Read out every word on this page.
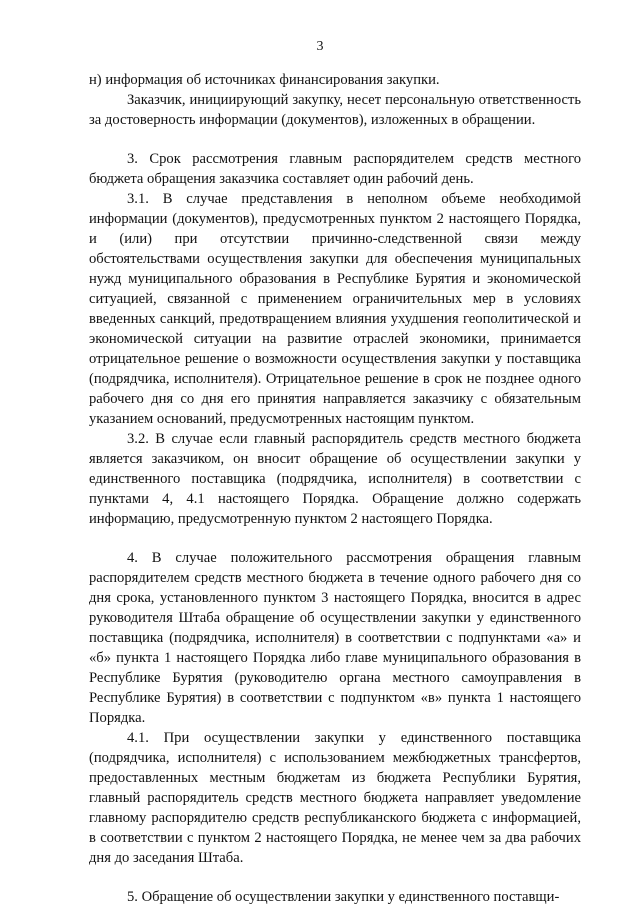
3

н) информация об источниках финансирования закупки.

Заказчик, инициирующий закупку, несет персональную ответственность за достоверность информации (документов), изложенных в обращении.

3. Срок рассмотрения главным распорядителем средств местного бюджета обращения заказчика составляет один рабочий день.

3.1. В случае представления в неполном объеме необходимой информации (документов), предусмотренных пунктом 2 настоящего Порядка, и (или) при отсутствии причинно-следственной связи между обстоятельствами осуществления закупки для обеспечения муниципальных нужд муниципального образования в Республике Бурятия и экономической ситуацией, связанной с применением ограничительных мер в условиях введенных санкций, предотвращением влияния ухудшения геополитической и экономической ситуации на развитие отраслей экономики, принимается отрицательное решение о возможности осуществления закупки у поставщика (подрядчика, исполнителя). Отрицательное решение в срок не позднее одного рабочего дня со дня его принятия направляется заказчику с обязательным указанием оснований, предусмотренных настоящим пунктом.

3.2. В случае если главный распорядитель средств местного бюджета является заказчиком, он вносит обращение об осуществлении закупки у единственного поставщика (подрядчика, исполнителя) в соответствии с пунктами 4, 4.1 настоящего Порядка. Обращение должно содержать информацию, предусмотренную пунктом 2 настоящего Порядка.

4. В случае положительного рассмотрения обращения главным распорядителем средств местного бюджета в течение одного рабочего дня со дня срока, установленного пунктом 3 настоящего Порядка, вносится в адрес руководителя Штаба обращение об осуществлении закупки у единственного поставщика (подрядчика, исполнителя) в соответствии с подпунктами «а» и «б» пункта 1 настоящего Порядка либо главе муниципального образования в Республике Бурятия (руководителю органа местного самоуправления в Республике Бурятия) в соответствии с подпунктом «в» пункта 1 настоящего Порядка.

4.1. При осуществлении закупки у единственного поставщика (подрядчика, исполнителя) с использованием межбюджетных трансфертов, предоставленных местным бюджетам из бюджета Республики Бурятия, главный распорядитель средств местного бюджета направляет уведомление главному распорядителю средств республиканского бюджета с информацией, в соответствии с пунктом 2 настоящего Порядка, не менее чем за два рабочих дня до заседания Штаба.

5. Обращение об осуществлении закупки у единственного поставщи-
